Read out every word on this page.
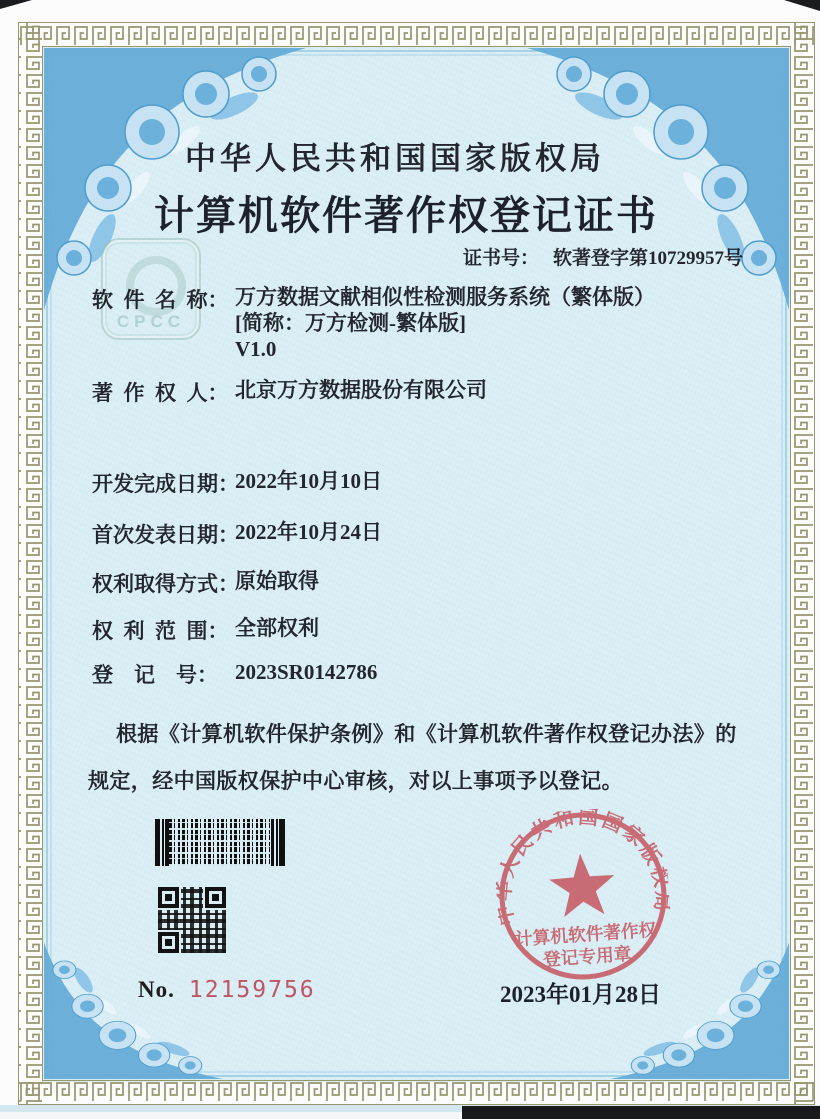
CPCC
中华人民共和国国家版权局
计算机软件著作权登记证书
证书号： 软著登字第10729957号
软 件 名 称： 万方数据文献相似性检测服务系统（繁体版）
[简称：万方检测-繁体版]
V1.0
著 作 权 人： 北京万方数据股份有限公司
开发完成日期：
2022年10月10日
首次发表日期：
2022年10月24日
权利取得方式：
原始取得
权 利 范 围： 全部权利
登  记  号： 2023SR0142786
根据《计算机软件保护条例》和《计算机软件著作权登记办法》的规定，经中国版权保护中心审核，对以上事项予以登记。
No. 12159756
中华人民共和国国家版权局
计算机软件著作权
登记专用章
2023年01月28日
